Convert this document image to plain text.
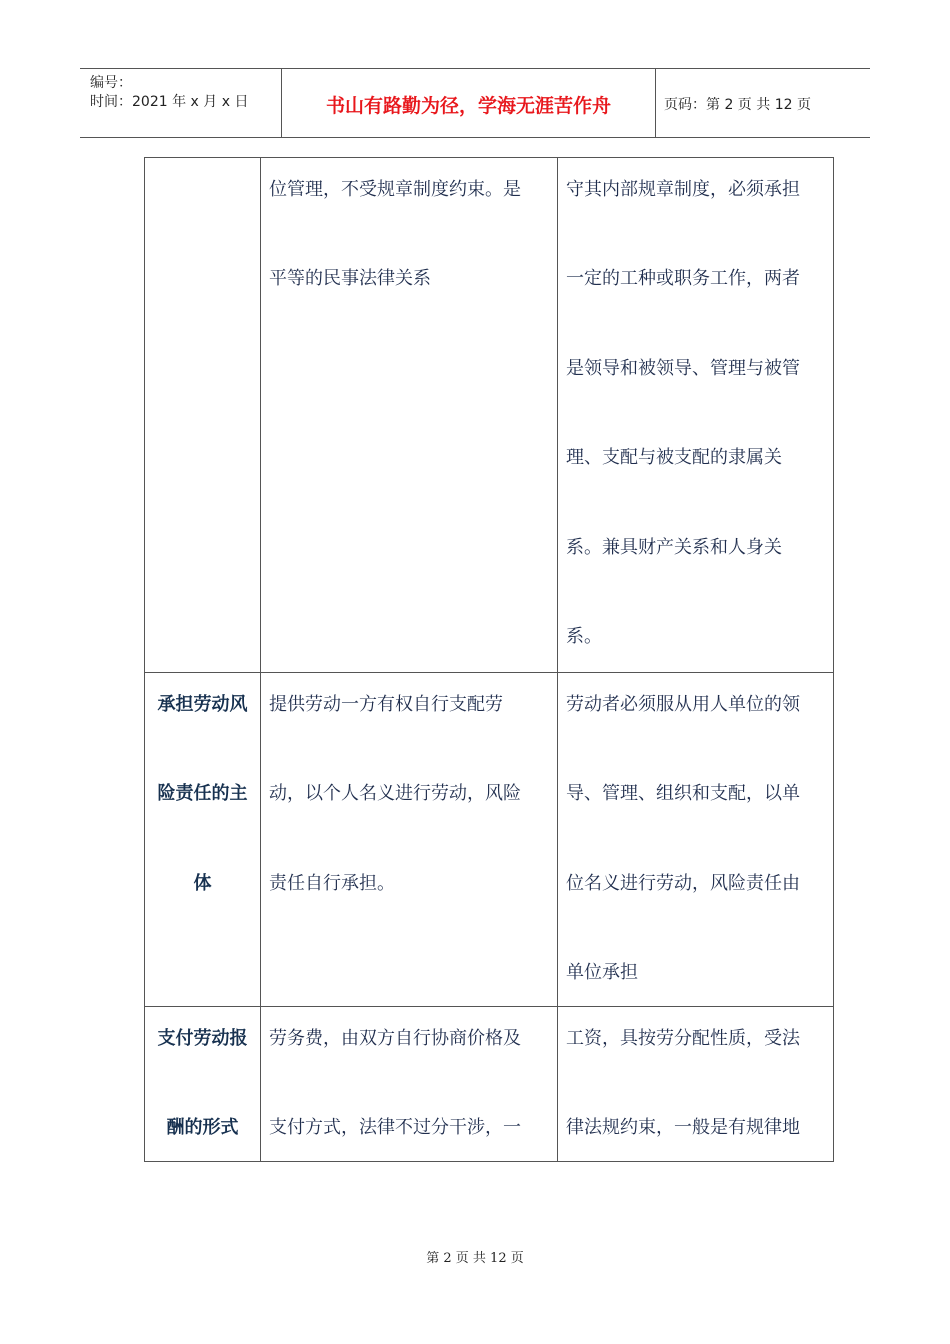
编号：
时间：2021 年 x 月 x 日	书山有路勤为径，学海无涯苦作舟	页码：第 2 页 共 12 页
位管理，不受规章制度约束。是
平等的民事法律关系
守其内部规章制度，必须承担
一定的工种或职务工作，两者
是领导和被领导、管理与被管
理、支配与被支配的隶属关
系。兼具财产关系和人身关
系。
承担劳动风
险责任的主
体
提供劳动一方有权自行支配劳
动，以个人名义进行劳动，风险
责任自行承担。
劳动者必须服从用人单位的领
导、管理、组织和支配，以单
位名义进行劳动，风险责任由
单位承担
支付劳动报
酬的形式
劳务费，由双方自行协商价格及
支付方式，法律不过分干涉，一
工资，具按劳分配性质，受法
律法规约束，一般是有规律地
第 2 页 共 12 页
